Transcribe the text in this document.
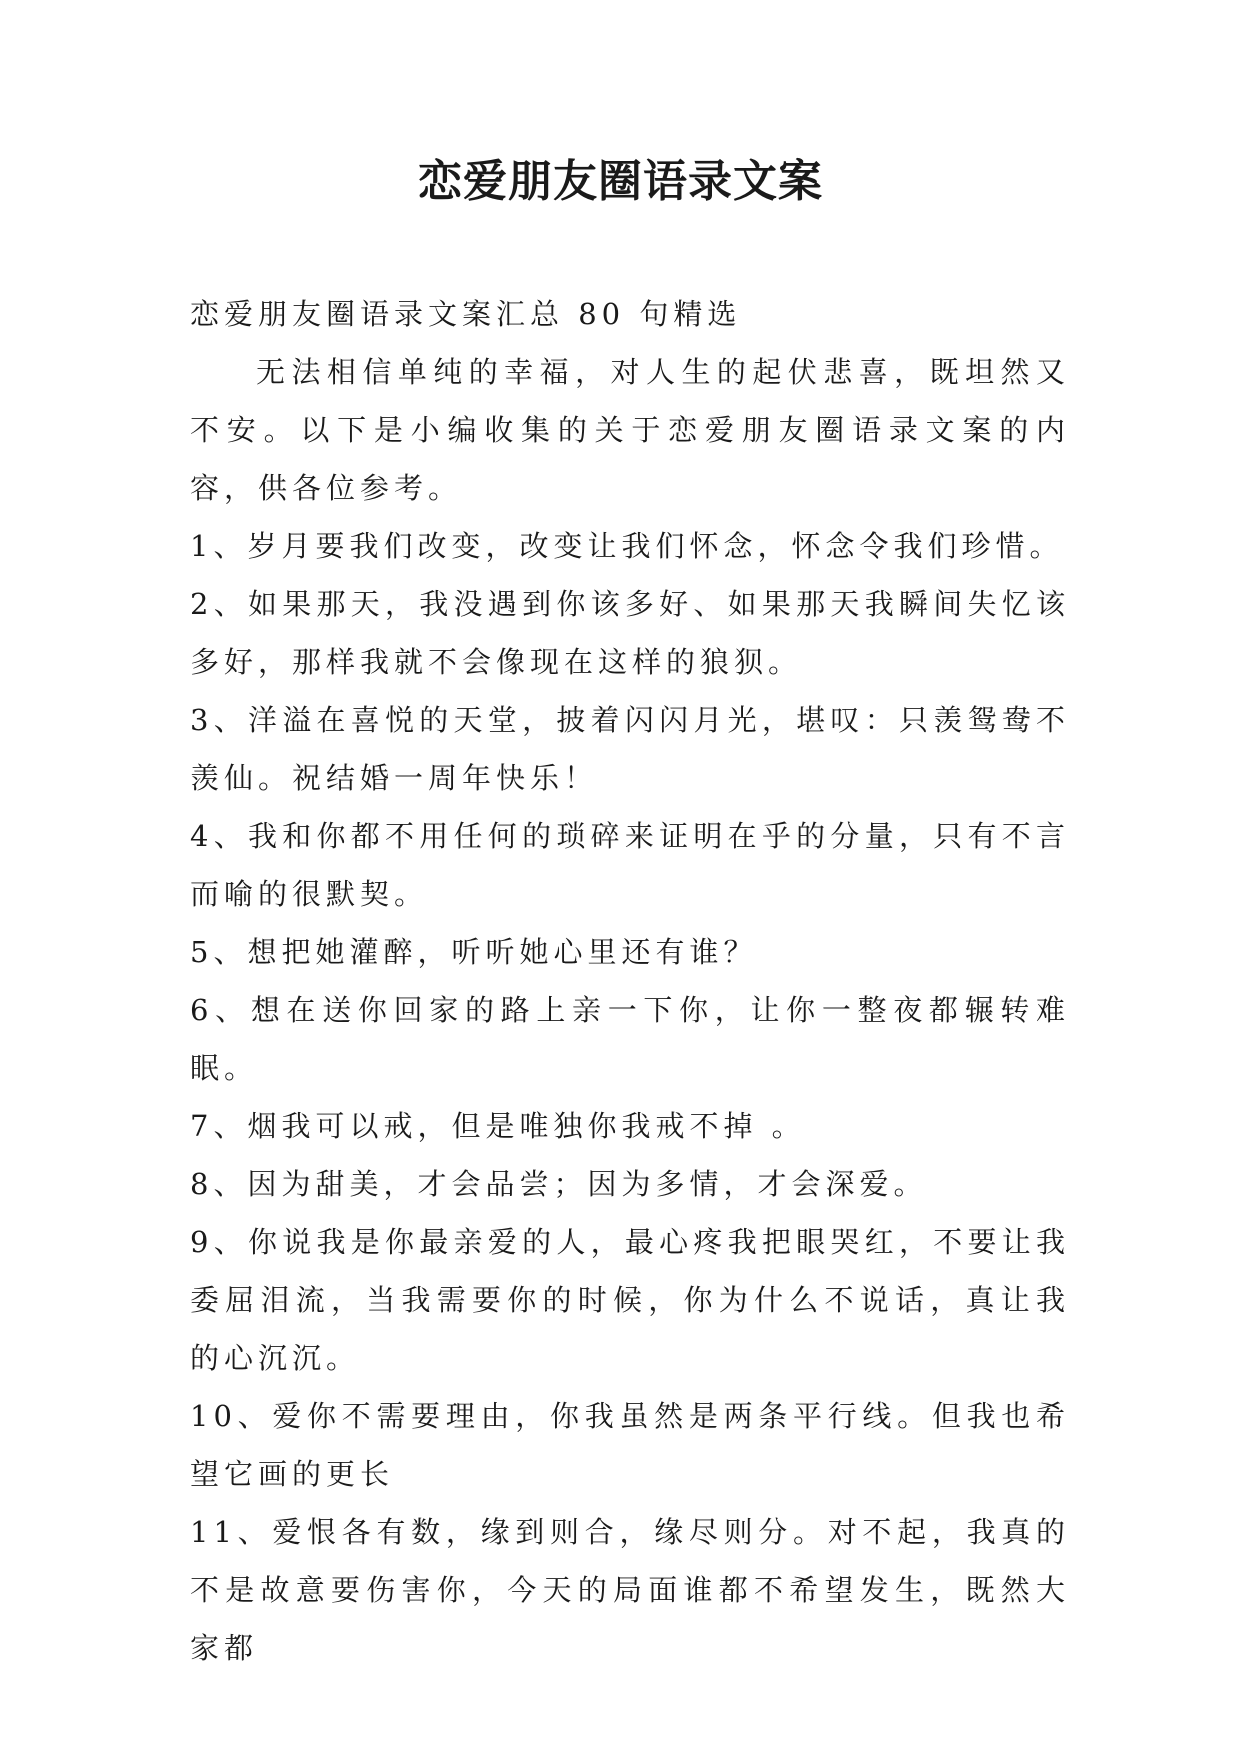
恋爱朋友圈语录文案

恋爱朋友圈语录文案汇总 80 句精选

无法相信单纯的幸福，对人生的起伏悲喜，既坦然又不安。以下是小编收集的关于恋爱朋友圈语录文案的内容，供各位参考。

1、岁月要我们改变，改变让我们怀念，怀念令我们珍惜。

2、如果那天，我没遇到你该多好、如果那天我瞬间失忆该多好，那样我就不会像现在这样的狼狈。

3、洋溢在喜悦的天堂，披着闪闪月光，堪叹：只羡鸳鸯不羡仙。祝结婚一周年快乐！

4、我和你都不用任何的琐碎来证明在乎的分量，只有不言而喻的很默契。

5、想把她灌醉，听听她心里还有谁？

6、想在送你回家的路上亲一下你，让你一整夜都辗转难眠。

7、烟我可以戒，但是唯独你我戒不掉 。

8、因为甜美，才会品尝；因为多情，才会深爱。

9、你说我是你最亲爱的人，最心疼我把眼哭红，不要让我委屈泪流，当我需要你的时候，你为什么不说话，真让我的心沉沉。

10、爱你不需要理由，你我虽然是两条平行线。但我也希望它画的更长

11、爱恨各有数，缘到则合，缘尽则分。对不起，我真的不是故意要伤害你，今天的局面谁都不希望发生，既然大家都
